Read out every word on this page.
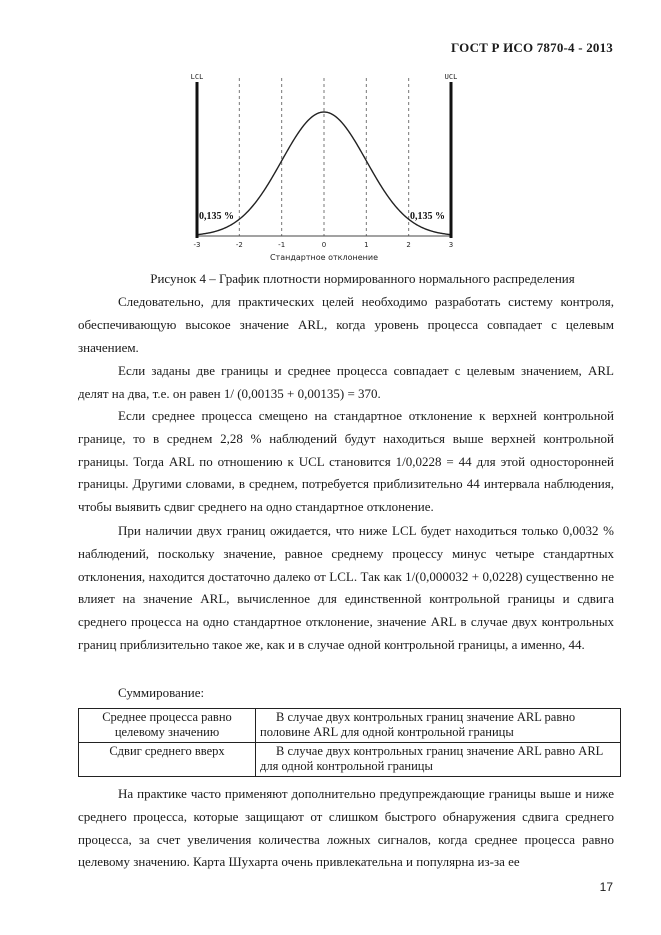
ГОСТ Р ИСО 7870-4 - 2013
LCL	UCL
-3	-2	-1	0	1	2	3
0,135 %	0,135 %
Стандартное отклонение
Рисунок 4 – График плотности нормированного нормального распределения

Следовательно, для практических целей необходимо разработать систему контроля, обеспечивающую высокое значение ARL, когда уровень процесса совпадает с целевым значением.

Если заданы две границы и среднее процесса совпадает с целевым значением, ARL делят на два, т.е. он равен 1/ (0,00135 + 0,00135) = 370.

Если среднее процесса смещено на стандартное отклонение к верхней контрольной границе, то в среднем 2,28 % наблюдений будут находиться выше верхней контрольной границы. Тогда ARL по отношению к UCL становится 1/0,0228 = 44 для этой односторонней границы. Другими словами, в среднем, потребуется приблизительно 44 интервала наблюдения, чтобы выявить сдвиг среднего на одно стандартное отклонение.

При наличии двух границ ожидается, что ниже LCL будет находиться только 0,0032 % наблюдений, поскольку значение, равное среднему процессу минус четыре стандартных отклонения, находится достаточно далеко от LCL. Так как 1/(0,000032 + 0,0228) существенно не влияет на значение ARL, вычисленное для единственной контрольной границы и сдвига среднего процесса на одно стандартное отклонение, значение ARL в случае двух контрольных границ приблизительно такое же, как и в случае одной контрольной границы, а именно, 44.

Суммирование:

Среднее процесса равно целевому значению	В случае двух контрольных границ значение ARL равно половине ARL для одной контрольной границы
Сдвиг среднего вверх	В случае двух контрольных границ значение ARL равно ARL для одной контрольной границы

На практике часто применяют дополнительно предупреждающие границы выше и ниже среднего процесса, которые защищают от слишком быстрого обнаружения сдвига среднего процесса, за счет увеличения количества ложных сигналов, когда среднее процесса равно целевому значению. Карта Шухарта очень привлекательна и популярна из-за ее

17
